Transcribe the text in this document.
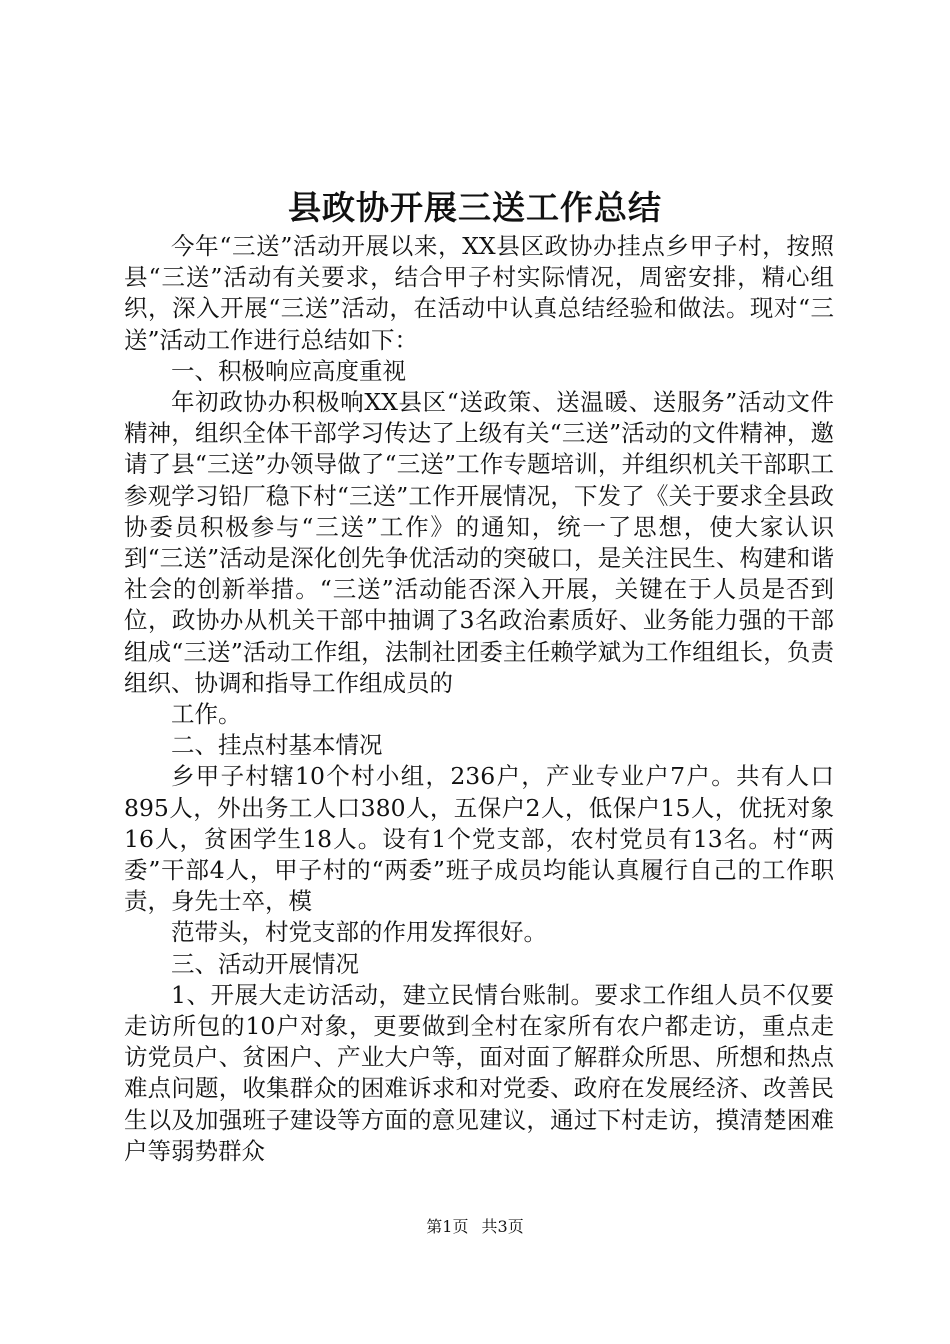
县政协开展三送工作总结

今年“三送”活动开展以来，XX县区政协办挂点乡甲子村，按照县“三送”活动有关要求，结合甲子村实际情况，周密安排，精心组织，深入开展“三送”活动，在活动中认真总结经验和做法。现对“三送”活动工作进行总结如下：

一、积极响应高度重视

年初政协办积极响XX县区“送政策、送温暖、送服务”活动文件精神，组织全体干部学习传达了上级有关“三送”活动的文件精神，邀请了县“三送”办领导做了“三送”工作专题培训，并组织机关干部职工参观学习铅厂稳下村“三送”工作开展情况，下发了《关于要求全县政协委员积极参与“三送”工作》的通知，统一了思想，使大家认识到“三送”活动是深化创先争优活动的突破口，是关注民生、构建和谐社会的创新举措。“三送”活动能否深入开展，关键在于人员是否到位，政协办从机关干部中抽调了3名政治素质好、业务能力强的干部组成“三送”活动工作组，法制社团委主任赖学斌为工作组组长，负责组织、协调和指导工作组成员的

工作。

二、挂点村基本情况

乡甲子村辖10个村小组，236户，产业专业户7户。共有人口895人，外出务工人口380人，五保户2人，低保户15人，优抚对象16人，贫困学生18人。设有1个党支部，农村党员有13名。村“两委”干部4人，甲子村的“两委”班子成员均能认真履行自己的工作职责，身先士卒，模

范带头，村党支部的作用发挥很好。

三、活动开展情况

1、开展大走访活动，建立民情台账制。要求工作组人员不仅要走访所包的10户对象，更要做到全村在家所有农户都走访，重点走访党员户、贫困户、产业大户等，面对面了解群众所思、所想和热点难点问题，收集群众的困难诉求和对党委、政府在发展经济、改善民生以及加强班子建设等方面的意见建议，通过下村走访，摸清楚困难户等弱势群众

第1页 共3页
